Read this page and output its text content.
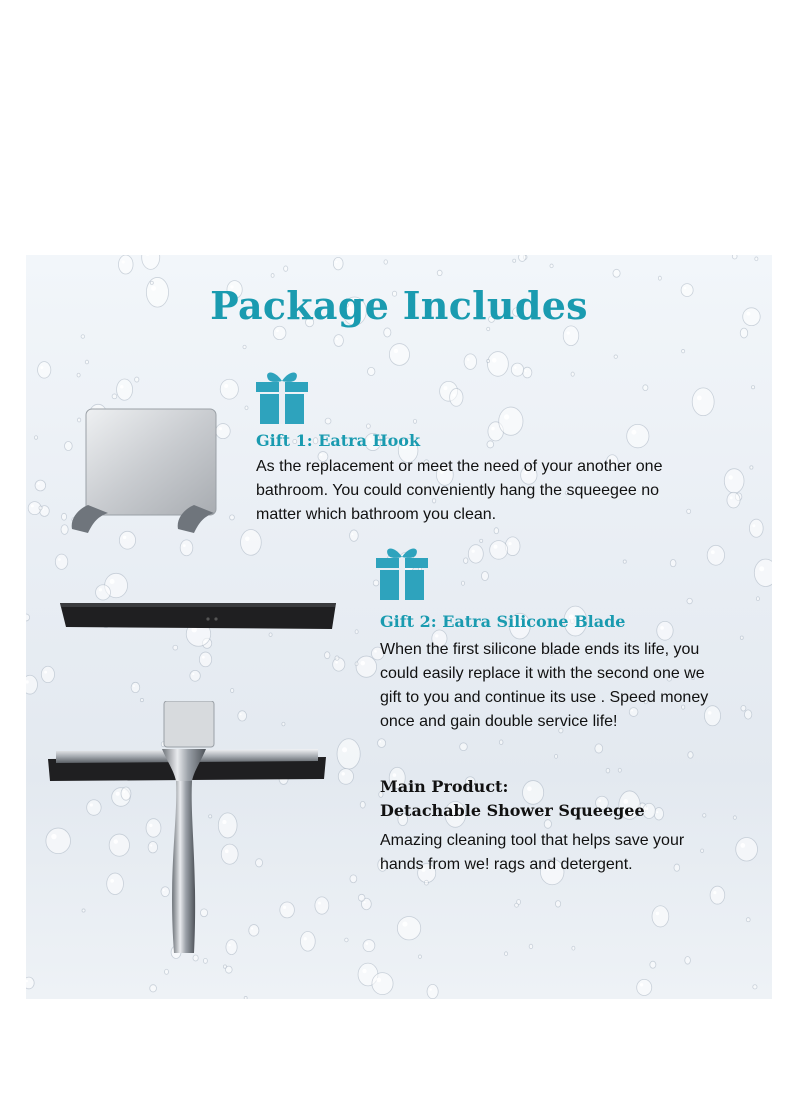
Package Includes
Gift 1: Eatra Hook
As the replacement or meet the need of your another one
bathroom. You could conveniently hang the squeegee no
matter which bathroom you clean.
Gift 2: Eatra Silicone Blade
When the first silicone blade ends its life, you
could easily replace it with the second one we
gift to you and continue its use . Speed money
once and gain double service life!
Main Product:
Detachable Shower Squeegee
Amazing cleaning tool that helps save your
hands from we! rags and detergent.
